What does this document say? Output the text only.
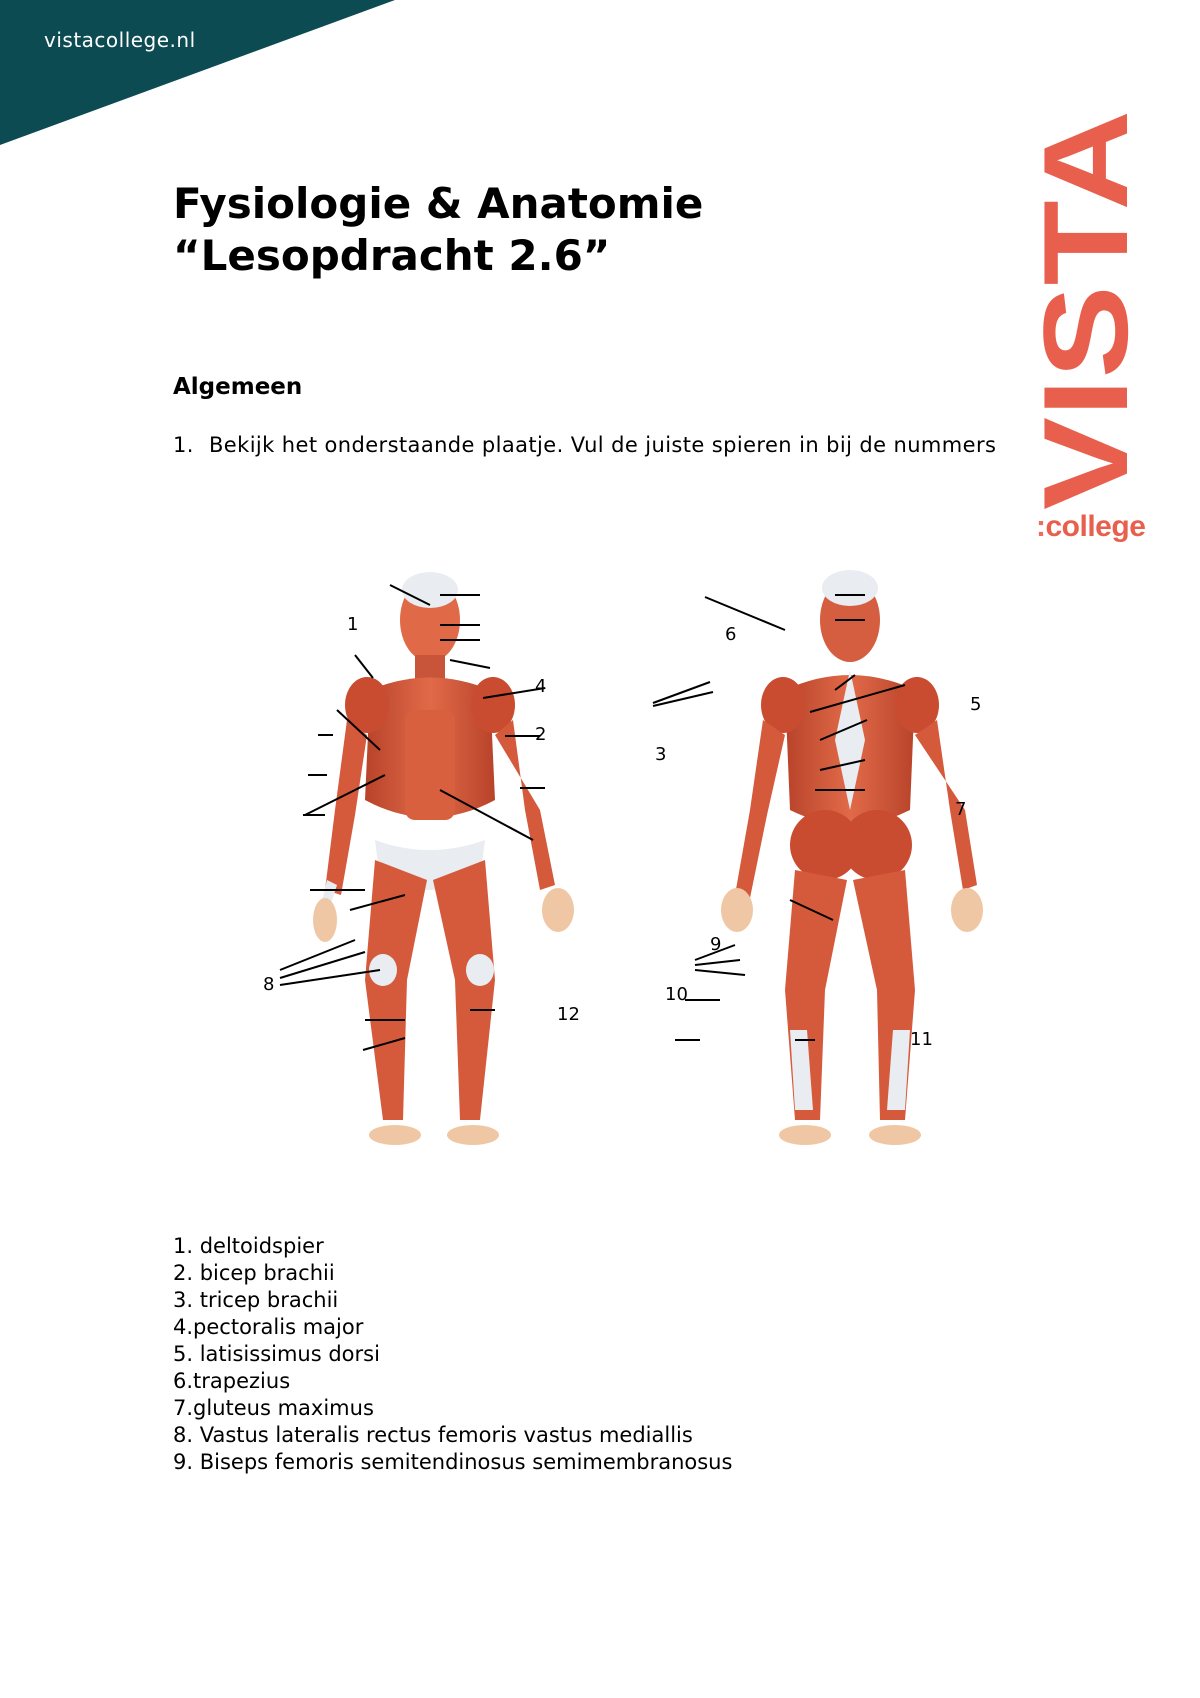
vistacollege.nl
VISTA
:college
Fysiologie & Anatomie
“Lesopdracht 2.6”
Algemeen
1. Bekijk het onderstaande plaatje. Vul de juiste spieren in bij de nummers
1
2
3
4
5
6
7
8
9
10
11
12
1. deltoidspier
2. bicep brachii
3. tricep brachii
4.pectoralis major
5. latisissimus dorsi
6.trapezius
7.gluteus maximus
8. Vastus lateralis rectus femoris vastus mediallis
9. Biseps femoris semitendinosus semimembranosus
